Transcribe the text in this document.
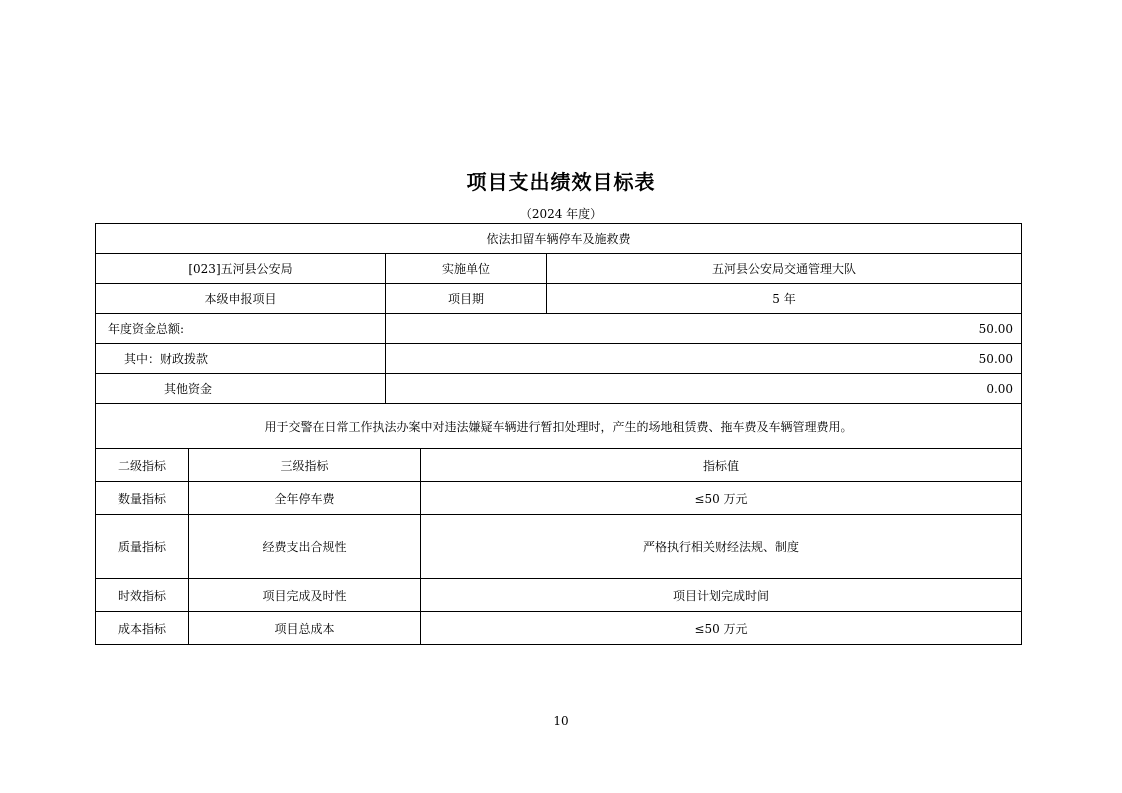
项目支出绩效目标表
（2024 年度）
依法扣留车辆停车及施救费		
[023]五河县公安局	实施单位	五河县公安局交通管理大队
本级申报项目	项目期	5 年
年度资金总额:	50.00	
其中：财政拨款	50.00	
其他资金	0.00	
用于交警在日常工作执法办案中对违法嫌疑车辆进行暂扣处理时，产生的场地租赁费、拖车费及车辆管理费用。		
二级指标	三级指标	指标值
数量指标	全年停车费	≤50 万元
质量指标	经费支出合规性	严格执行相关财经法规、制度
时效指标	项目完成及时性	项目计划完成时间
成本指标	项目总成本	≤50 万元
10
